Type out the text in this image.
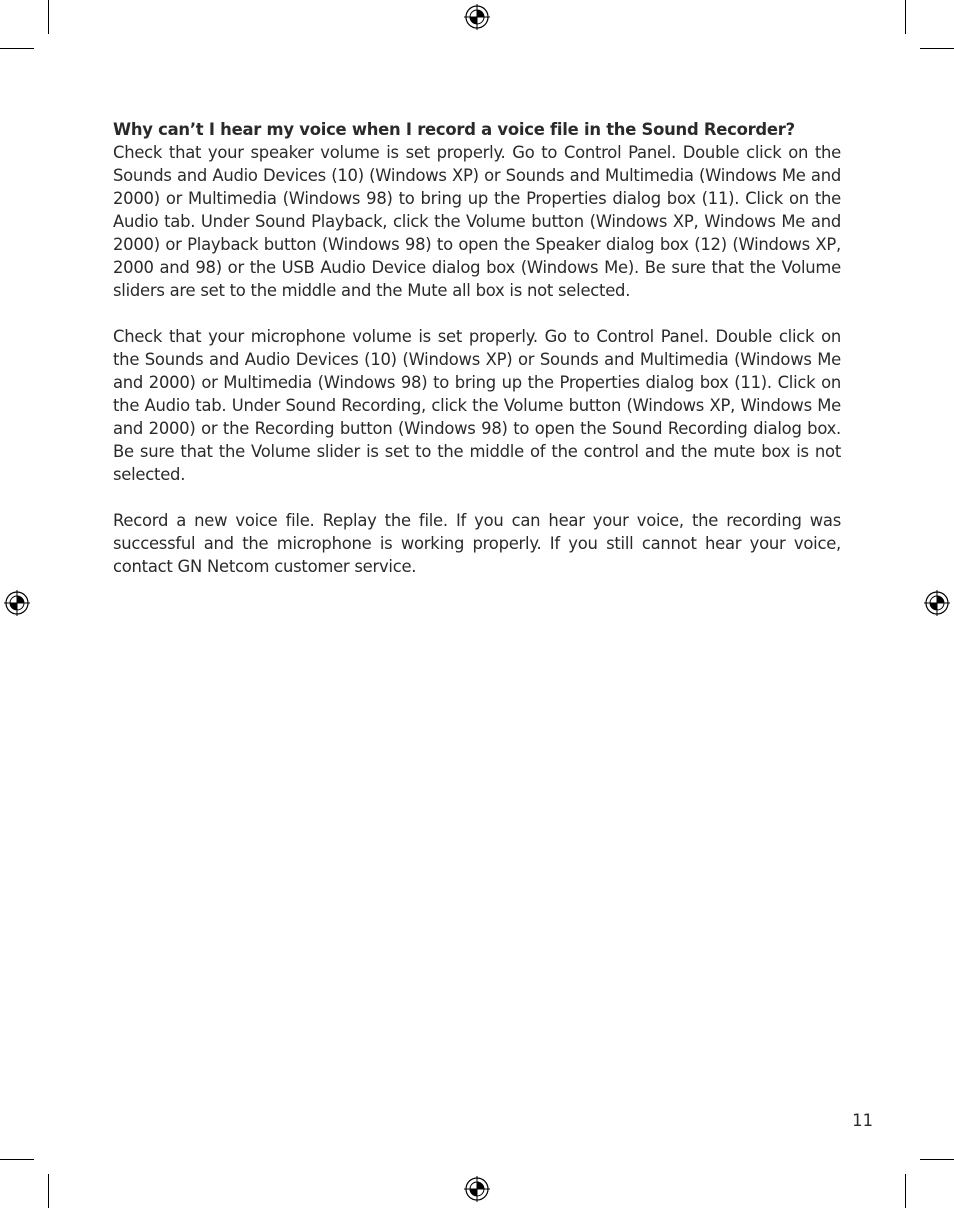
Why can’t I hear my voice when I record a voice file in the Sound Recorder?

Check that your speaker volume is set properly. Go to Control Panel. Double click on the Sounds and Audio Devices (10) (Windows XP) or Sounds and Multimedia (Windows Me and 2000) or Multimedia (Windows 98) to bring up the Properties dialog box (11). Click on the Audio tab. Under Sound Playback, click the Volume button (Windows XP, Windows Me and 2000) or Playback button (Windows 98) to open the Speaker dialog box (12) (Windows XP, 2000 and 98) or the USB Audio Device dialog box (Windows Me). Be sure that the Volume sliders are set to the middle and the Mute all box is not selected.

Check that your microphone volume is set properly. Go to Control Panel. Double click on the Sounds and Audio Devices (10) (Windows XP) or Sounds and Multimedia (Windows Me and 2000) or Multimedia (Windows 98) to bring up the Properties dialog box (11). Click on the Audio tab. Under Sound Recording, click the Volume button (Windows XP, Windows Me and 2000) or the Recording button (Windows 98) to open the Sound Recording dialog box. Be sure that the Volume slider is set to the middle of the control and the mute box is not selected.

Record a new voice file. Replay the file. If you can hear your voice, the recording was successful and the microphone is working properly. If you still cannot hear your voice, contact GN Netcom customer service.

11
